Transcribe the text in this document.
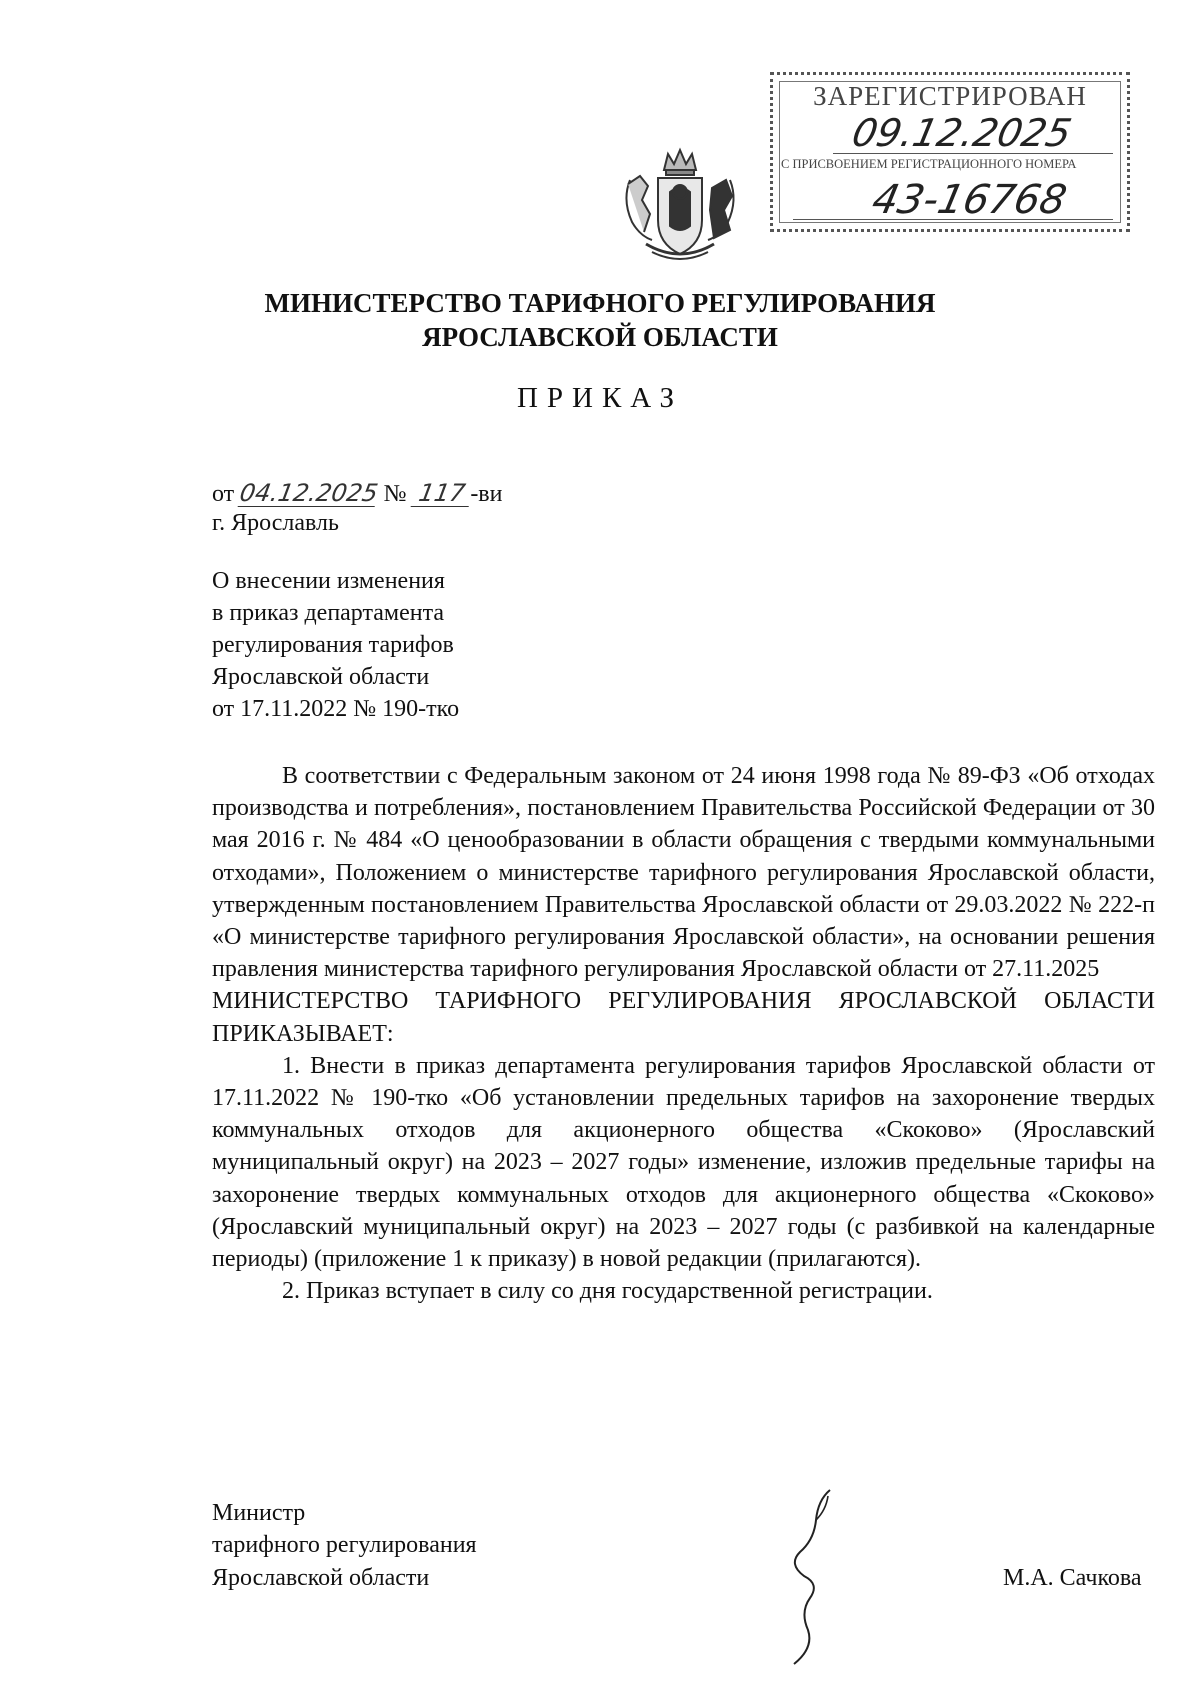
ЗАРЕГИСТРИРОВАН
09.12.2025
С ПРИСВОЕНИЕМ РЕГИСТРАЦИОННОГО НОМЕРА
43-16768
МИНИСТЕРСТВО ТАРИФНОГО РЕГУЛИРОВАНИЯ
ЯРОСЛАВСКОЙ ОБЛАСТИ
ПРИКАЗ
от 04.12.2025 № 117 -ви
г. Ярославль
О внесении изменения
в приказ департамента
регулирования тарифов
Ярославской области
от 17.11.2022 № 190-тко

В соответствии с Федеральным законом от 24 июня 1998 года № 89-ФЗ «Об отходах производства и потребления», постановлением Правительства Российской Федерации от 30 мая 2016 г. № 484 «О ценообразовании в области обращения с твердыми коммунальными отходами», Положением о министерстве тарифного регулирования Ярославской области, утвержденным постановлением Правительства Ярославской области от 29.03.2022 № 222-п «О министерстве тарифного регулирования Ярославской области», на основании решения правления министерства тарифного регулирования Ярославской области от 27.11.2025

МИНИСТЕРСТВО ТАРИФНОГО РЕГУЛИРОВАНИЯ ЯРОСЛАВСКОЙ ОБЛАСТИ ПРИКАЗЫВАЕТ:

1. Внести в приказ департамента регулирования тарифов Ярославской области от 17.11.2022 № 190-тко «Об установлении предельных тарифов на захоронение твердых коммунальных отходов для акционерного общества «Скоково» (Ярославский муниципальный округ) на 2023 – 2027 годы» изменение, изложив предельные тарифы на захоронение твердых коммунальных отходов для акционерного общества «Скоково» (Ярославский муниципальный округ) на 2023 – 2027 годы (с разбивкой на календарные периоды) (приложение 1 к приказу) в новой редакции (прилагаются).

2. Приказ вступает в силу со дня государственной регистрации.

Министр
тарифного регулирования
Ярославской области	М.А. Сачкова
